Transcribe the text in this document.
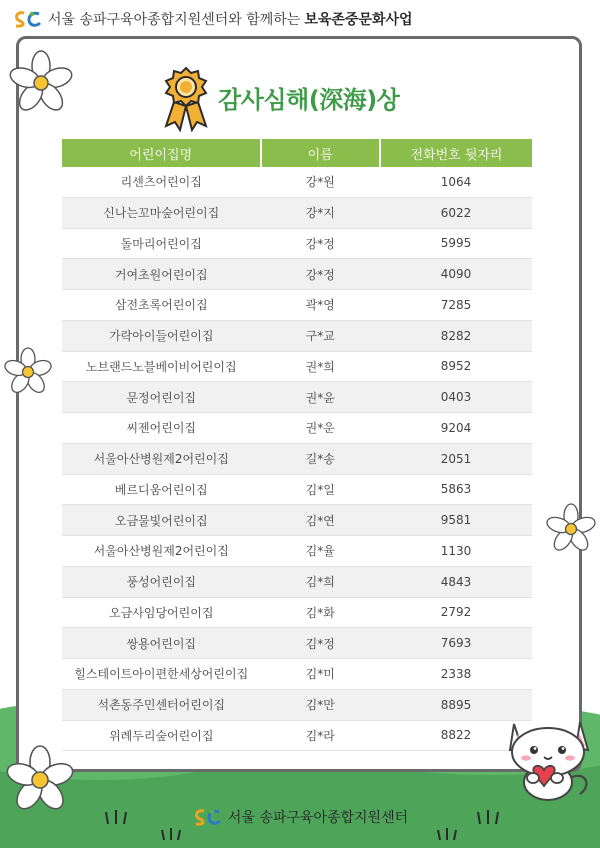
서울 송파구육아종합지원센터와 함께하는 보육존중문화사업
감사심해(深海)상
어린이집명	이름	전화번호 뒷자리
리센츠어린이집	강*원	1064
신나는꼬마숲어린이집	강*지	6022
돌마리어린이집	강*정	5995
거여초원어린이집	강*정	4090
삼전초록어린이집	곽*영	7285
가락아이들어린이집	구*교	8282
노브랜드노블베이비어린이집	권*희	8952
문정어린이집	권*윤	0403
씨젠어린이집	권*운	9204
서울아산병원제2어린이집	길*송	2051
베르디움어린이집	김*일	5863
오금물빛어린이집	김*연	9581
서울아산병원제2어린이집	김*율	1130
풍성어린이집	김*희	4843
오금사임당어린이집	김*화	2792
쌍용어린이집	김*정	7693
힐스테이트아이편한세상어린이집	김*미	2338
석촌동주민센터어린이집	김*만	8895
위례두리숲어린이집	김*라	8822
서울 송파구육아종합지원센터
